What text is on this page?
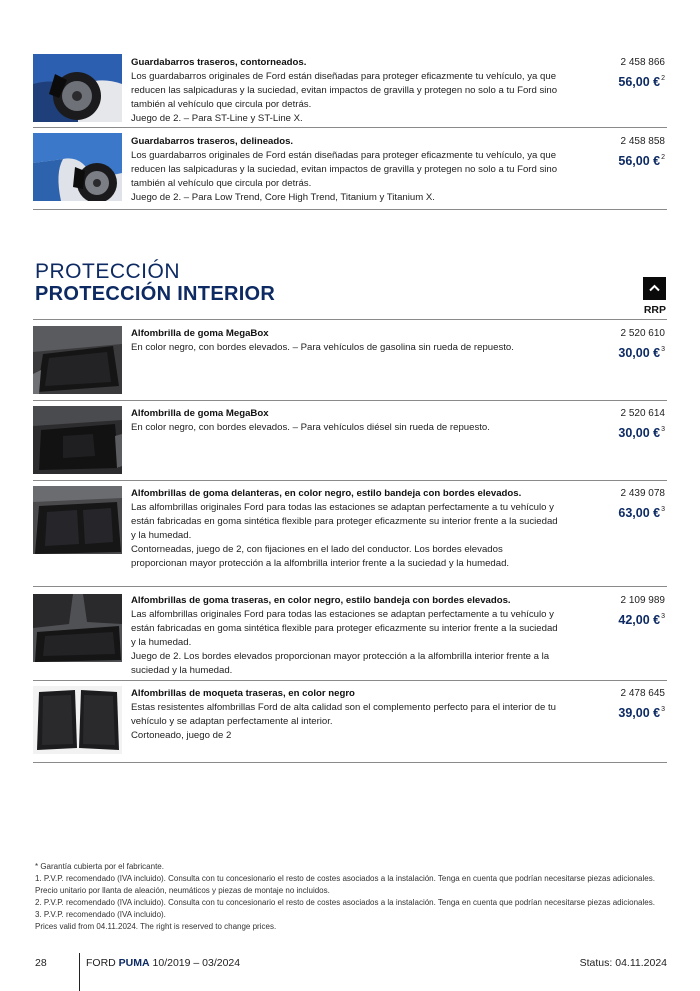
Guardabarros traseros, contorneados.
Los guardabarros originales de Ford están diseñadas para proteger eficazmente tu vehículo, ya que reducen las salpicaduras y la suciedad, evitan impactos de gravilla y protegen no solo a tu Ford sino también al vehículo que circula por detrás.
Juego de 2. – Para ST-Line y ST-Line X.
2 458 866
56,00 €$^2$
Guardabarros traseros, delineados.
Los guardabarros originales de Ford están diseñadas para proteger eficazmente tu vehículo, ya que reducen las salpicaduras y la suciedad, evitan impactos de gravilla y protegen no solo a tu Ford sino también al vehículo que circula por detrás.
Juego de 2. – Para Low Trend, Core High Trend, Titanium y Titanium X.
2 458 858
56,00 €$^2$
PROTECCIÓN
PROTECCIÓN INTERIOR
RRP
Alfombrilla de goma MegaBox
En color negro, con bordes elevados. – Para vehículos de gasolina sin rueda de repuesto.
2 520 610
30,00 €$^3$
Alfombrilla de goma MegaBox
En color negro, con bordes elevados. – Para vehículos diésel sin rueda de repuesto.
2 520 614
30,00 €$^3$
Alfombrillas de goma delanteras, en color negro, estilo bandeja con bordes elevados.
Las alfombrillas originales Ford para todas las estaciones se adaptan perfectamente a tu vehículo y están fabricadas en goma sintética flexible para proteger eficazmente su interior frente a la suciedad y la humedad.
Contorneadas, juego de 2, con fijaciones en el lado del conductor. Los bordes elevados proporcionan mayor protección a la alfombrilla interior frente a la suciedad y la humedad.
2 439 078
63,00 €$^3$
Alfombrillas de goma traseras, en color negro, estilo bandeja con bordes elevados.
Las alfombrillas originales Ford para todas las estaciones se adaptan perfectamente a tu vehículo y están fabricadas en goma sintética flexible para proteger eficazmente su interior frente a la suciedad y la humedad.
Juego de 2. Los bordes elevados proporcionan mayor protección a la alfombrilla interior frente a la suciedad y la humedad.
2 109 989
42,00 €$^3$
Alfombrillas de moqueta traseras, en color negro
Estas resistentes alfombrillas Ford de alta calidad son el complemento perfecto para el interior de tu vehículo y se adaptan perfectamente al interior.
Cortoneado, juego de 2
2 478 645
39,00 €$^3$
* Garantía cubierta por el fabricante.
1. P.V.P. recomendado (IVA incluido). Consulta con tu concesionario el resto de costes asociados a la instalación. Tenga en cuenta que podrían necesitarse piezas adicionales. Precio unitario por llanta de aleación, neumáticos y piezas de montaje no incluidos.
2. P.V.P. recomendado (IVA incluido). Consulta con tu concesionario el resto de costes asociados a la instalación. Tenga en cuenta que podrían necesitarse piezas adicionales.
3. P.V.P. recomendado (IVA incluido).
Prices valid from 04.11.2024. The right is reserved to change prices.
28	FORD PUMA 10/2019 – 03/2024	Status: 04.11.2024
